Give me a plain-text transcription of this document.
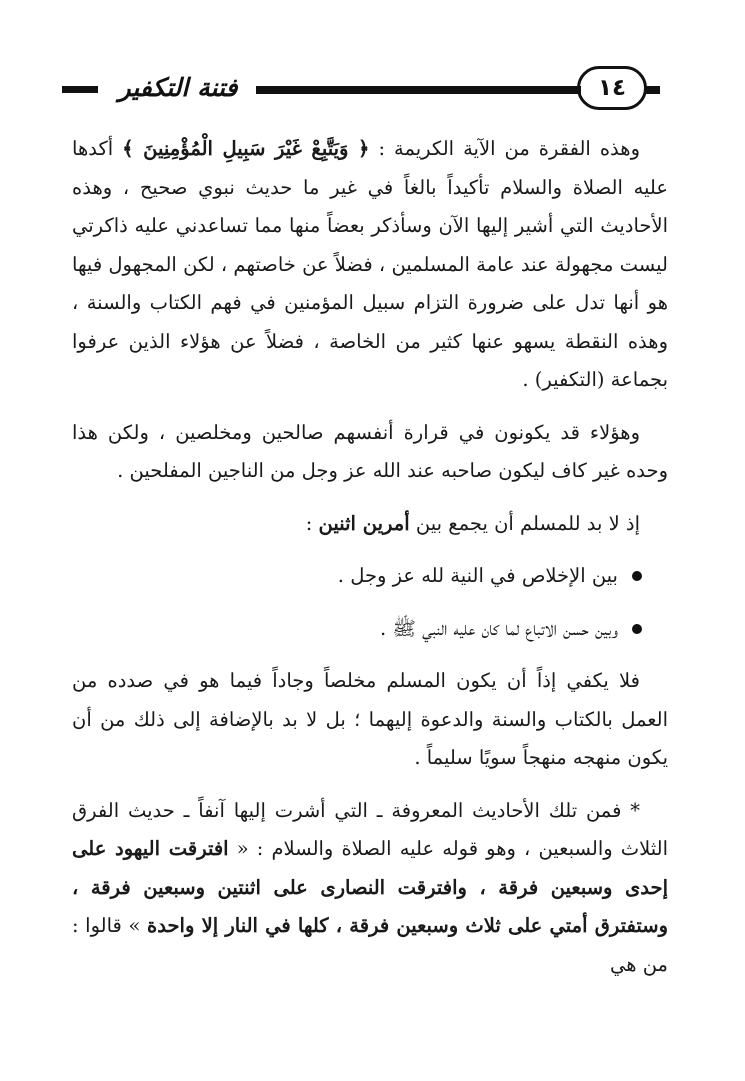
فتنة التكفير	١٤

وهذه الفقرة من الآية الكريمة : ﴿ وَيَتَّبِعْ غَيْرَ سَبِيلِ الْمُؤْمِنِينَ ﴾ أكدها عليه الصلاة والسلام تأكيداً بالغاً في غير ما حديث نبوي صحيح ، وهذه الأحاديث التي أشير إليها الآن وسأذكر بعضاً منها مما تساعدني عليه ذاكرتي ليست مجهولة عند عامة المسلمين ، فضلاً عن خاصتهم ، لكن المجهول فيها هو أنها تدل على ضرورة التزام سبيل المؤمنين في فهم الكتاب والسنة ، وهذه النقطة يسهو عنها كثير من الخاصة ، فضلاً عن هؤلاء الذين عرفوا بجماعة (التكفير) .

وهؤلاء قد يكونون في قرارة أنفسهم صالحين ومخلصين ، ولكن هذا وحده غير كاف ليكون صاحبه عند الله عز وجل من الناجين المفلحين .

إذ لا بد للمسلم أن يجمع بين أمرين اثنين :

بين الإخلاص في النية لله عز وجل .
وبين حسن الاتباع لما كان عليه النبي ﷺ .

فلا يكفي إذاً أن يكون المسلم مخلصاً وجاداً فيما هو في صدده من العمل بالكتاب والسنة والدعوة إليهما ؛ بل لا بد بالإضافة إلى ذلك من أن يكون منهجه منهجاً سويًا سليماً .

* فمن تلك الأحاديث المعروفة ـ التي أشرت إليها آنفاً ـ حديث الفرق الثلاث والسبعين ، وهو قوله عليه الصلاة والسلام : « افترقت اليهود على إحدى وسبعين فرقة ، وافترقت النصارى على اثنتين وسبعين فرقة ، وستفترق أمتي على ثلاث وسبعين فرقة ، كلها في النار إلا واحدة » قالوا : من هي
